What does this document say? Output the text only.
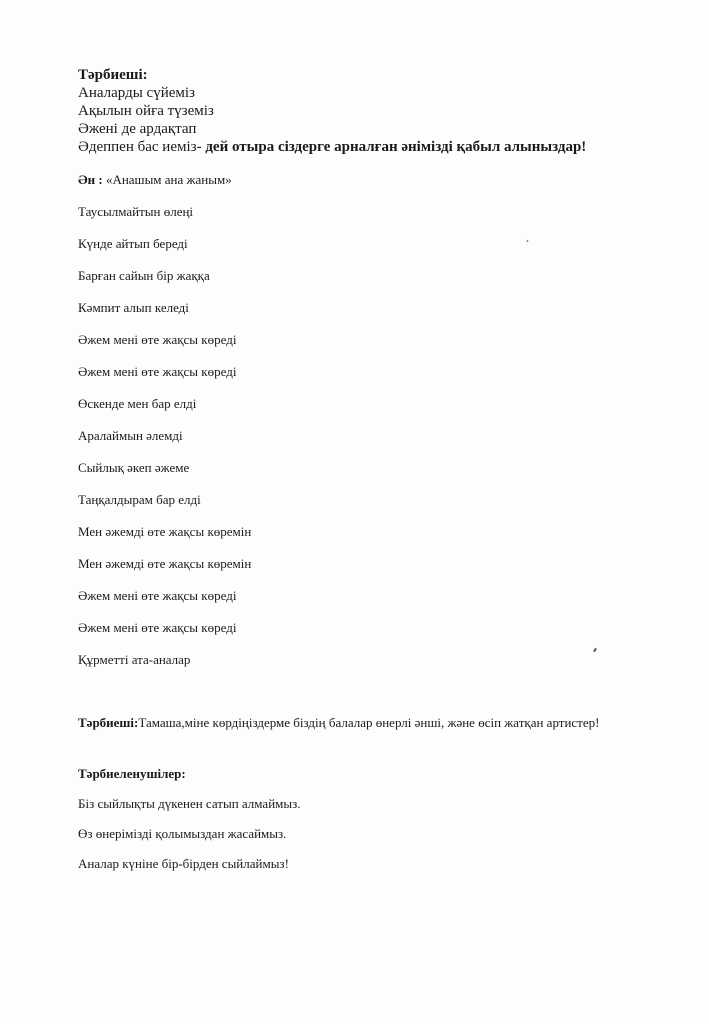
Тәрбиеші:
Аналарды сүйеміз
Ақылын ойға түземіз
Әжені де ардақтап
Әдеппен бас иеміз- дей отыра сіздерге арналған әнімізді қабыл алыныздар!
Ән : «Анашым ана жаным»
Таусылмайтын өлеңі
Күнде айтып береді
Барған сайын бір жаққа
Кәмпит алып келеді
Әжем мені өте жақсы көреді
Әжем мені өте жақсы көреді
Өскенде мен бар елді
Аралаймын әлемді
Сыйлық әкеп әжеме
Таңқалдырам бар елді
Мен әжемді өте жақсы көремін
Мен әжемді өте жақсы көремін
Әжем мені өте жақсы көреді
Әжем мені өте жақсы көреді
Құрметті ата-аналар
Тәрбиеші:Тамаша,міне көрдіңіздерме біздің балалар өнерлі әнші, және өсіп жатқан артистер!
Тәрбиеленушілер:
Біз сыйлықты дүкенен сатып алмаймыз.
Өз өнерімізді қолымыздан жасаймыз.
Аналар күніне бір-бірден сыйлаймыз!
